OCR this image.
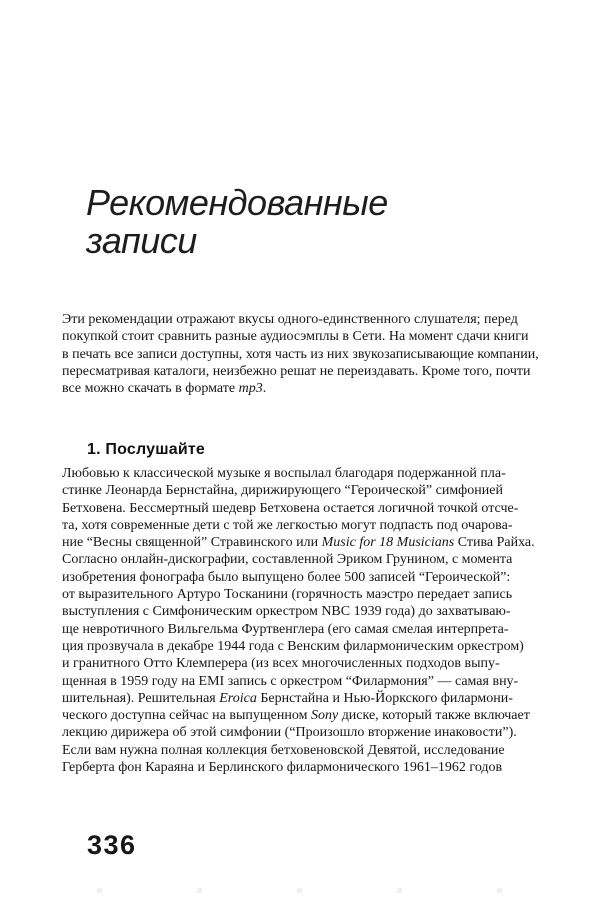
Рекомендованные
записи
Эти рекомендации отражают вкусы одного-единственного слушателя; перед
покупкой стоит сравнить разные аудиосэмплы в Сети. На момент сдачи книги
в печать все записи доступны, хотя часть из них звукозаписывающие компании,
пересматривая каталоги, неизбежно решат не переиздавать. Кроме того, почти
все можно скачать в формате mp3.
1. Послушайте
Любовью к классической музыке я воспылал благодаря подержанной пла-
стинке Леонарда Бернстайна, дирижирующего “Героической” симфонией
Бетховена. Бессмертный шедевр Бетховена остается логичной точкой отсче-
та, хотя современные дети с той же легкостью могут подпасть под очарова-
ние “Весны священной” Стравинского или Music for 18 Musicians Стива Райха.
Согласно онлайн-дискографии, составленной Эриком Грунином, с момента
изобретения фонографа было выпущено более 500 записей “Героической”:
от выразительного Артуро Тосканини (горячность маэстро передает запись
выступления с Симфоническим оркестром NBC 1939 года) до захватываю-
ще невротичного Вильгельма Фуртвенглера (его самая смелая интерпрета-
ция прозвучала в декабре 1944 года с Венским филармоническим оркестром)
и гранитного Отто Клемперера (из всех многочисленных подходов выпу-
щенная в 1959 году на EMI запись с оркестром “Филармония” — самая вну-
шительная). Решительная Eroica Бернстайна и Нью-Йоркского филармони-
ческого доступна сейчас на выпущенном Sony диске, который также включает
лекцию дирижера об этой симфонии (“Произошло вторжение инаковости”).
Если вам нужна полная коллекция бетховеновской Девятой, исследование
Герберта фон Караяна и Берлинского филармонического 1961–1962 годов
336
